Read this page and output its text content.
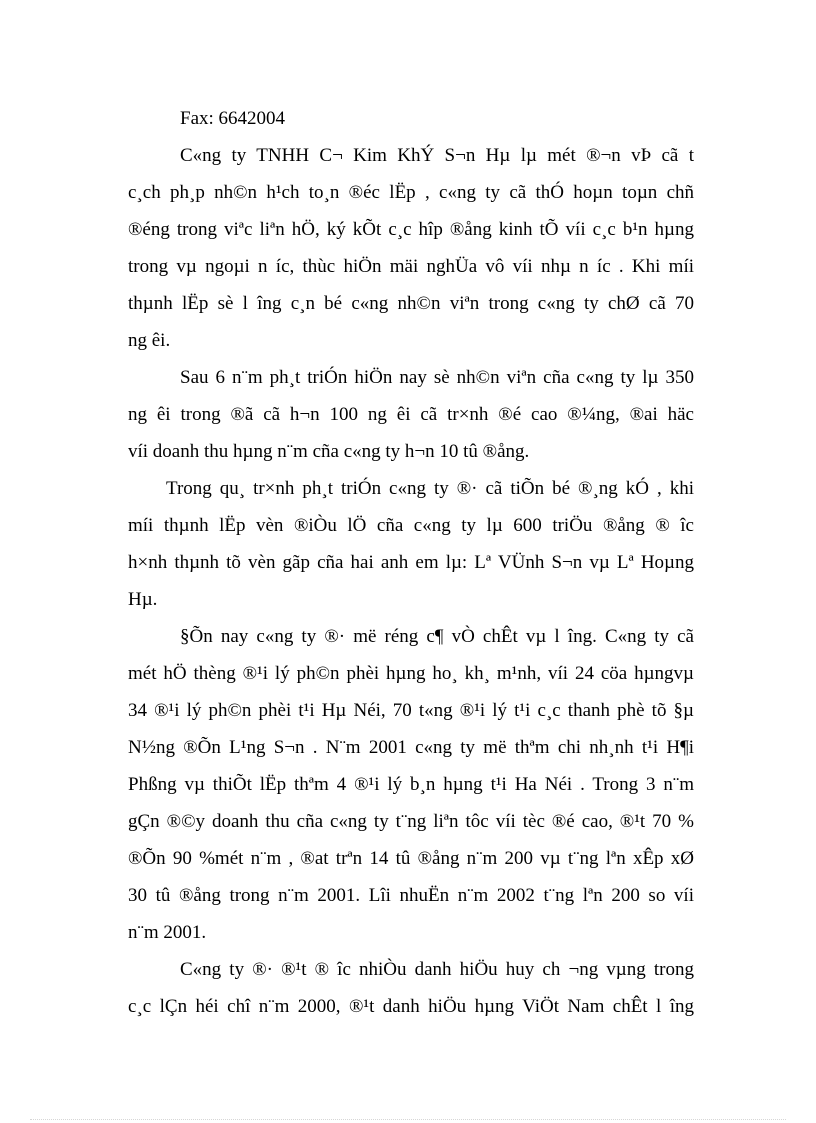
Fax: 6642004
C«ng ty TNHH C¬ Kim KhÝ S¬n Hµ lµ mét ®¬n vÞ cã t
c¸ch ph¸p nh©n h¹ch to¸n ®éc lËp , c«ng ty cã thÓ hoµn toµn chñ
®éng trong viªc liªn hÖ, ký kÕt c¸c hîp ®ång kinh tÕ víi c¸c b¹n hµng
trong vµ ngoµi n íc, thùc hiÖn mäi nghÜa vô víi nhµ n íc . Khi míi
thµnh lËp sè l îng c¸n bé c«ng nh©n viªn trong c«ng ty chØ cã 70
ng êi.
Sau 6 n¨m ph¸t triÓn hiÖn nay sè nh©n viªn cña c«ng ty lµ 350
ng êi trong ®ã cã h¬n 100 ng êi cã tr×nh ®é cao ®¼ng, ®ai häc
víi doanh thu hµng n¨m cña c«ng ty h¬n 10 tû ®ång.
Trong qu¸ tr×nh ph¸t triÓn c«ng ty ®· cã tiÕn bé ®¸ng kÓ , khi
míi thµnh lËp vèn ®iÒu lÖ cña c«ng ty lµ 600 triÖu ®ång ® îc
h×nh thµnh tõ vèn gãp cña hai anh em lµ: Lª VÜnh S¬n vµ Lª Hoµng
Hµ.
§Õn nay c«ng ty ®· më réng c¶ vÒ chÊt vµ l îng. C«ng ty cã
mét hÖ thèng ®¹i lý ph©n phèi hµng ho¸ kh¸ m¹nh, víi 24 cöa hµngvµ
34 ®¹i lý ph©n phèi t¹i Hµ Néi, 70 t«ng ®¹i lý t¹i c¸c thanh phè tõ §µ
N½ng ®Õn L¹ng S¬n . N¨m 2001 c«ng ty më thªm chi nh¸nh t¹i H¶i
Phßng vµ thiÕt lËp thªm 4 ®¹i lý b¸n hµng t¹i Ha Néi . Trong 3 n¨m
gÇn ®©y doanh thu cña c«ng ty t¨ng liªn tôc víi tèc ®é cao, ®¹t 70 %
®Õn 90 %mét n¨m , ®at trªn 14 tû ®ång n¨m 200 vµ t¨ng lªn xÊp xØ
30 tû ®ång trong n¨m 2001. Lîi nhuËn n¨m 2002 t¨ng lªn 200 so víi
n¨m 2001.
C«ng ty ®· ®¹t ® îc nhiÒu danh hiÖu huy ch ¬ng vµng trong
c¸c lÇn héi chî n¨m 2000, ®¹t danh hiÖu hµng ViÖt Nam chÊt l îng
